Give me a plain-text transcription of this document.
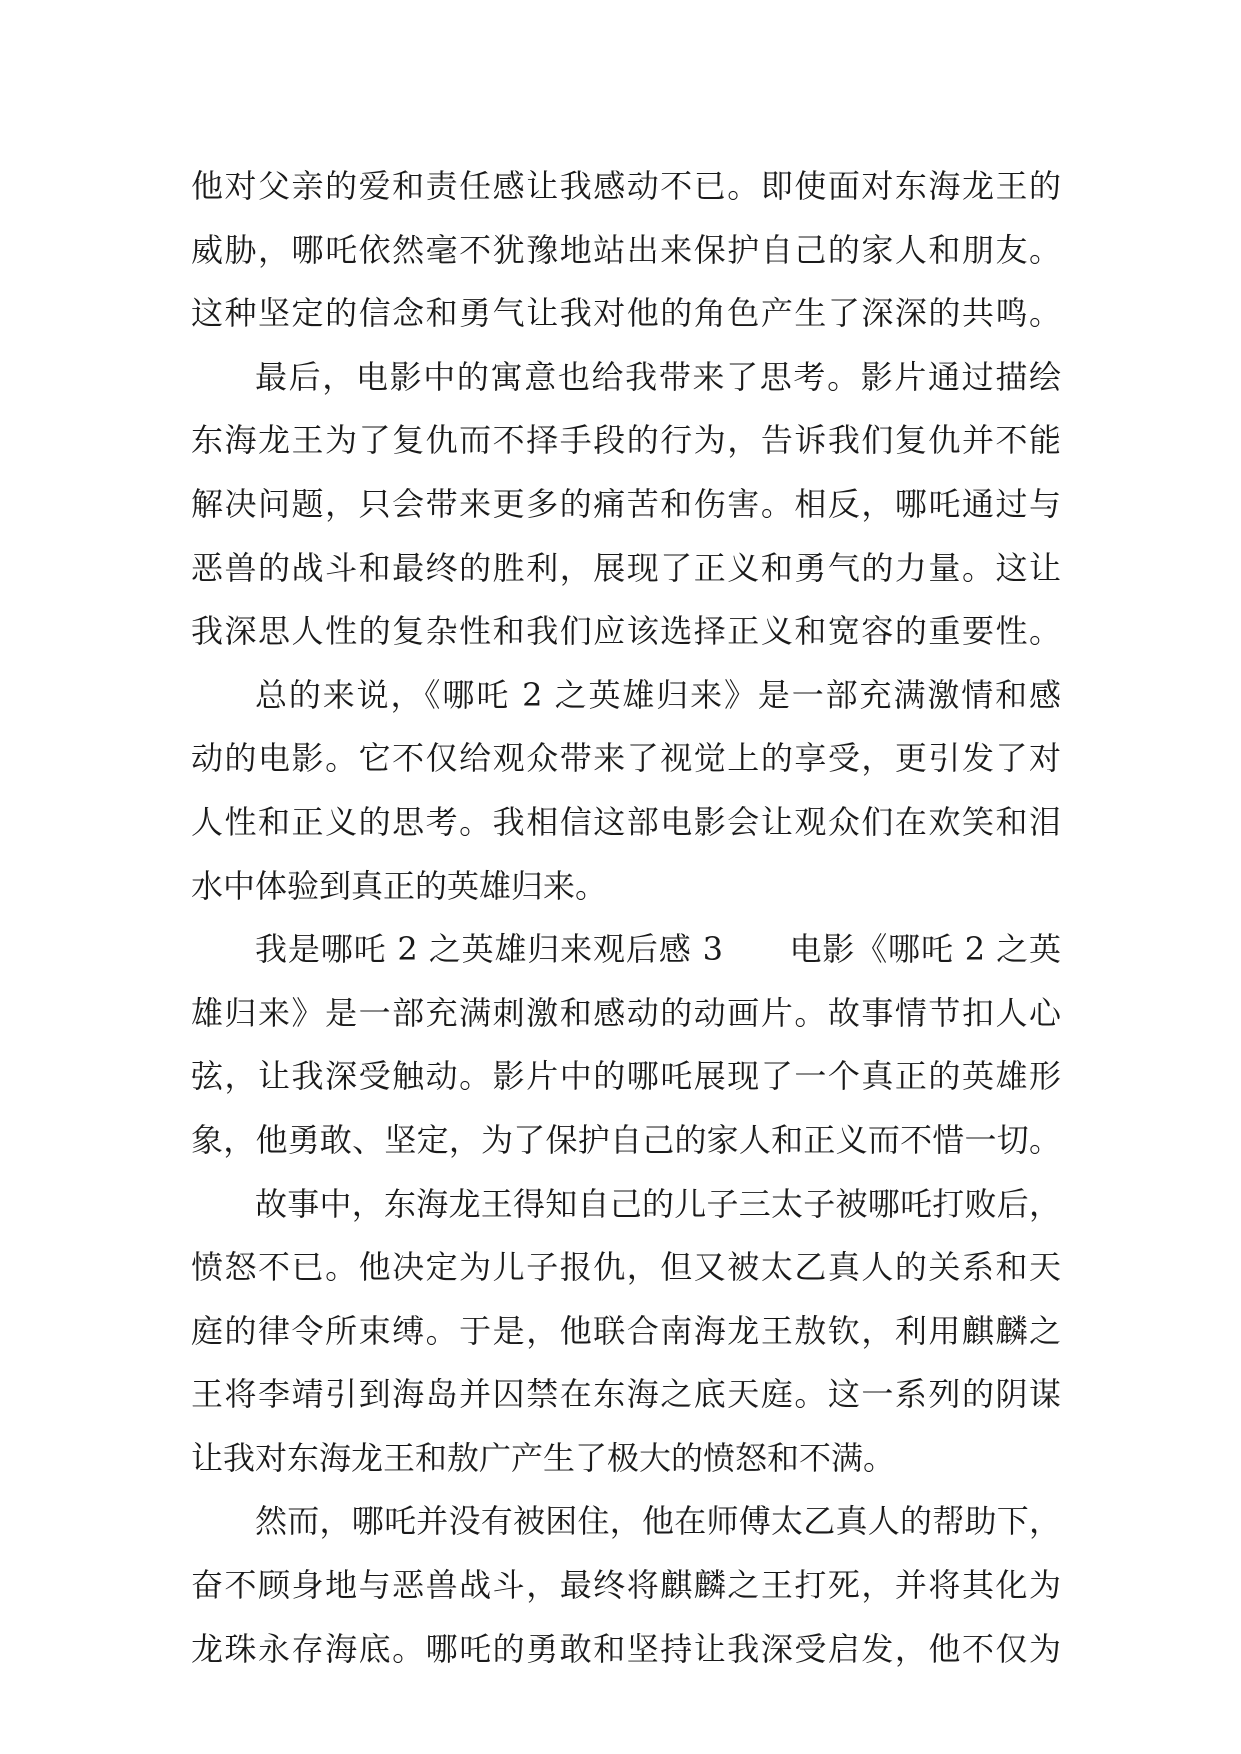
他对父亲的爱和责任感让我感动不已。即使面对东海龙王的
威胁，哪吒依然毫不犹豫地站出来保护自己的家人和朋友。
这种坚定的信念和勇气让我对他的角色产生了深深的共鸣。
最后，电影中的寓意也给我带来了思考。影片通过描绘
东海龙王为了复仇而不择手段的行为，告诉我们复仇并不能
解决问题，只会带来更多的痛苦和伤害。相反，哪吒通过与
恶兽的战斗和最终的胜利，展现了正义和勇气的力量。这让
我深思人性的复杂性和我们应该选择正义和宽容的重要性。
总的来说，《哪吒 2 之英雄归来》是一部充满激情和感
动的电影。它不仅给观众带来了视觉上的享受，更引发了对
人性和正义的思考。我相信这部电影会让观众们在欢笑和泪
水中体验到真正的英雄归来。
我是哪吒 2 之英雄归来观后感 3　　电影《哪吒 2 之英
雄归来》是一部充满刺激和感动的动画片。故事情节扣人心
弦，让我深受触动。影片中的哪吒展现了一个真正的英雄形
象，他勇敢、坚定，为了保护自己的家人和正义而不惜一切。
故事中，东海龙王得知自己的儿子三太子被哪吒打败后，
愤怒不已。他决定为儿子报仇，但又被太乙真人的关系和天
庭的律令所束缚。于是，他联合南海龙王敖钦，利用麒麟之
王将李靖引到海岛并囚禁在东海之底天庭。这一系列的阴谋
让我对东海龙王和敖广产生了极大的愤怒和不满。
然而，哪吒并没有被困住，他在师傅太乙真人的帮助下，
奋不顾身地与恶兽战斗，最终将麒麟之王打死，并将其化为
龙珠永存海底。哪吒的勇敢和坚持让我深受启发，他不仅为
